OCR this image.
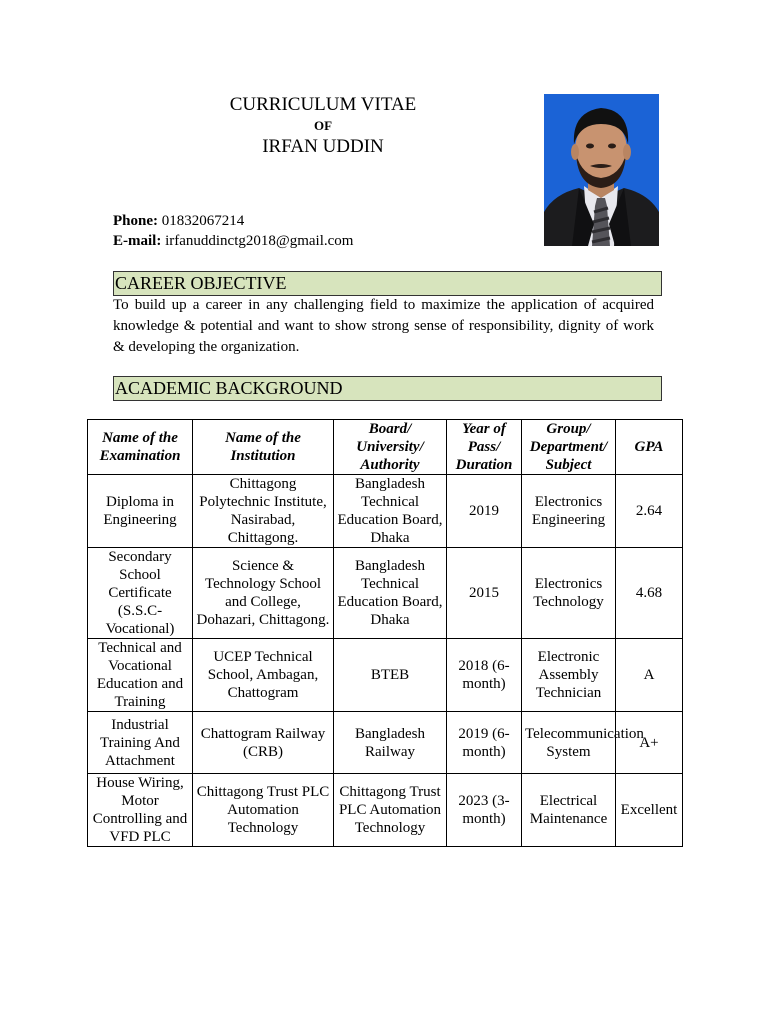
CURRICULUM VITAE
OF
IRFAN UDDIN
Phone: 01832067214
E-mail: irfanuddinctg2018@gmail.com
CAREER OBJECTIVE
To build up a career in any challenging field to maximize the application of acquired knowledge & potential and want to show strong sense of responsibility, dignity of work & developing the organization.
ACADEMIC BACKGROUND
Name of the Examination	Name of the Institution	Board/ University/ Authority	Year of Pass/ Duration	Group/ Department/ Subject	GPA
Diploma in Engineering	Chittagong Polytechnic Institute, Nasirabad, Chittagong.	Bangladesh Technical Education Board, Dhaka	2019	Electronics Engineering	2.64
Secondary School Certificate (S.S.C-Vocational)	Science & Technology School and College, Dohazari, Chittagong.	Bangladesh Technical Education Board, Dhaka	2015	Electronics Technology	4.68
Technical and Vocational Education and Training	UCEP Technical School, Ambagan, Chattogram	BTEB	2018 (6-month)	Electronic Assembly Technician	A
Industrial Training And Attachment	Chattogram Railway (CRB)	Bangladesh Railway	2019 (6-month)	Telecommunication System	A+
House Wiring, Motor Controlling and VFD PLC	Chittagong Trust PLC Automation Technology	Chittagong Trust PLC Automation Technology	2023 (3-month)	Electrical Maintenance	Excellent
